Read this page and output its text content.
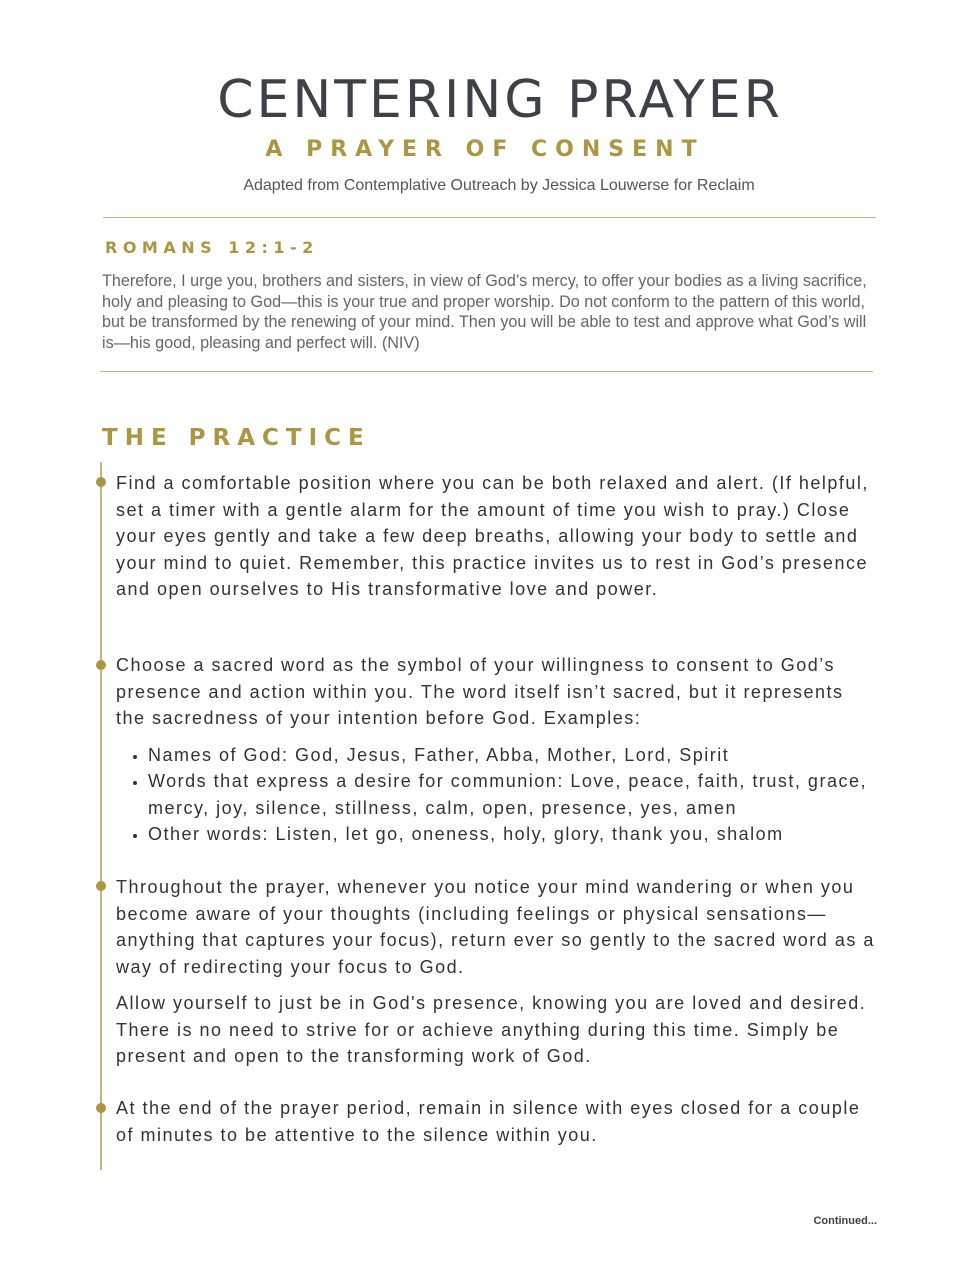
CENTERING PRAYER
A PRAYER OF CONSENT

Adapted from Contemplative Outreach by Jessica Louwerse for Reclaim

ROMANS 12:1-2

Therefore, I urge you, brothers and sisters, in view of God’s mercy, to offer your bodies as a living sacrifice, holy and pleasing to God—this is your true and proper worship. Do not conform to the pattern of this world, but be transformed by the renewing of your mind. Then you will be able to test and approve what God’s will is—his good, pleasing and perfect will. (NIV)

THE PRACTICE

Find a comfortable position where you can be both relaxed and alert. (If helpful, set a timer with a gentle alarm for the amount of time you wish to pray.) Close your eyes gently and take a few deep breaths, allowing your body to settle and your mind to quiet. Remember, this practice invites us to rest in God’s presence and open ourselves to His transformative love and power.

Choose a sacred word as the symbol of your willingness to consent to God’s presence and action within you. The word itself isn’t sacred, but it represents the sacredness of your intention before God. Examples:

• Names of God: God, Jesus, Father, Abba, Mother, Lord, Spirit
• Words that express a desire for communion: Love, peace, faith, trust, grace, mercy, joy, silence, stillness, calm, open, presence, yes, amen
• Other words: Listen, let go, oneness, holy, glory, thank you, shalom

Throughout the prayer, whenever you notice your mind wandering or when you become aware of your thoughts (including feelings or physical sensations—anything that captures your focus), return ever so gently to the sacred word as a way of redirecting your focus to God.

Allow yourself to just be in God's presence, knowing you are loved and desired. There is no need to strive for or achieve anything during this time. Simply be present and open to the transforming work of God.

At the end of the prayer period, remain in silence with eyes closed for a couple of minutes to be attentive to the silence within you.

Continued...
